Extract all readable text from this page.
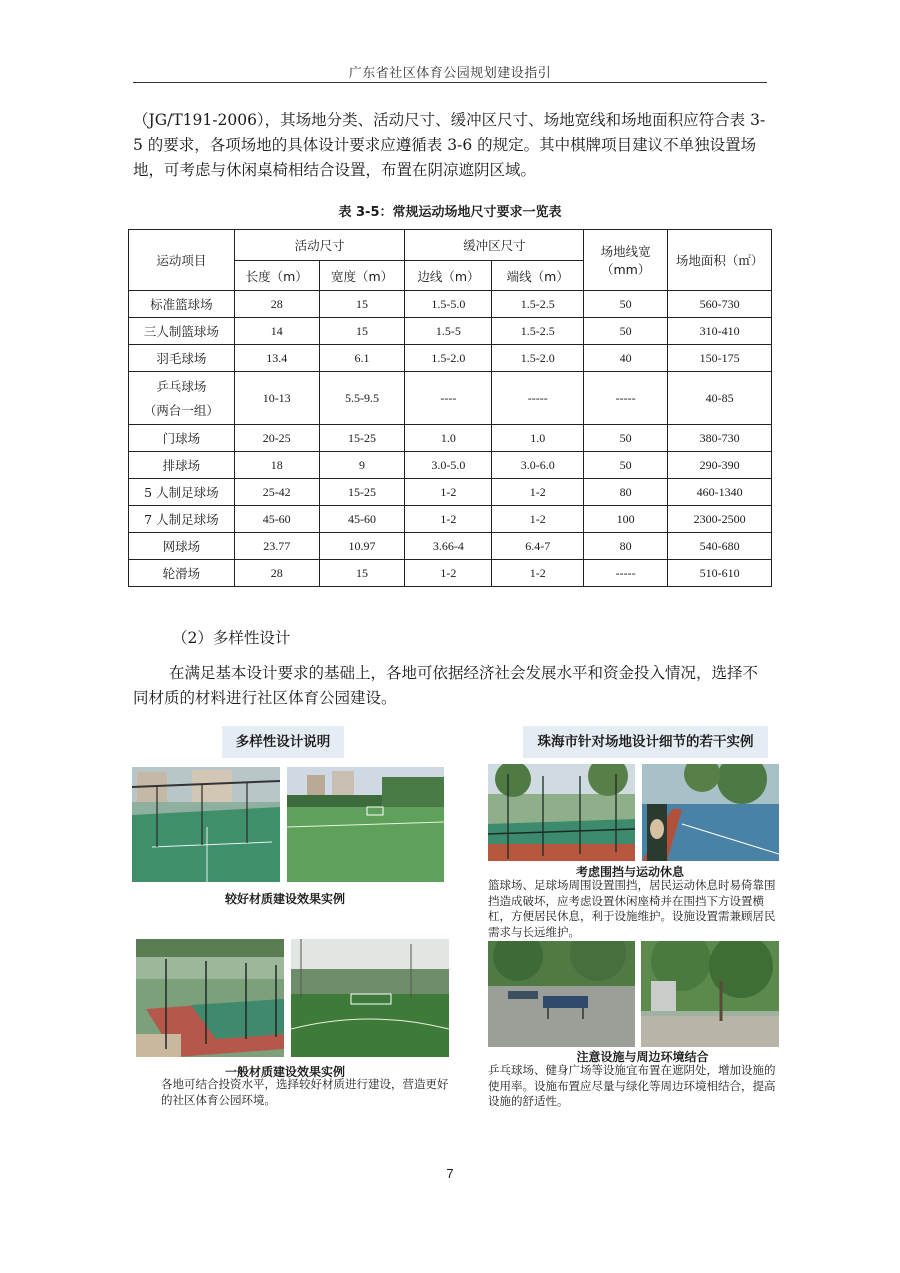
广东省社区体育公园规划建设指引
（JG/T191-2006），其场地分类、活动尺寸、缓冲区尺寸、场地宽线和场地面积应符合表 3-5 的要求，各项场地的具体设计要求应遵循表 3-6 的规定。其中棋牌项目建议不单独设置场地，可考虑与休闲桌椅相结合设置，布置在阴凉遮阴区域。
表 3-5：常规运动场地尺寸要求一览表
运动项目	活动尺寸		缓冲区尺寸		场地线宽（mm）	场地面积（㎡）
	长度（m）	宽度（m）	边线（m）	端线（m）		

标准篮球场	28	15	1.5-5.0	1.5-2.5	50	560-730

三人制篮球场	14	15	1.5-5	1.5-2.5	50	310-410

羽毛球场	13.4	6.1	1.5-2.0	1.5-2.0	40	150-175

乒乓球场
（两台一组）	10-13	5.5-9.5	----	-----	-----	40-85

门球场	20-25	15-25	1.0	1.0	50	380-730

排球场	18	9	3.0-5.0	3.0-6.0	50	290-390

5 人制足球场	25-42	15-25	1-2	1-2	80	460-1340

7 人制足球场	45-60	45-60	1-2	1-2	100	2300-2500

网球场	23.77	10.97	3.66-4	6.4-7	80	540-680

轮滑场	28	15	1-2	1-2	-----	510-610
（2）多样性设计
在满足基本设计要求的基础上，各地可依据经济社会发展水平和资金投入情况，选择不同材质的材料进行社区体育公园建设。
多样性设计说明	珠海市针对场地设计细节的若干实例
较好材质建设效果实例
一般材质建设效果实例
各地可结合投资水平，选择较好材质进行建设，营造更好的社区体育公园环境。
考虑围挡与运动休息
篮球场、足球场周围设置围挡，居民运动休息时易倚靠围挡造成破坏，应考虑设置休闲座椅并在围挡下方设置横杠，方便居民休息，利于设施维护。设施设置需兼顾居民需求与长远维护。
注意设施与周边环境结合
乒乓球场、健身广场等设施宜布置在遮阴处，增加设施的使用率。设施布置应尽量与绿化等周边环境相结合，提高设施的舒适性。
7
